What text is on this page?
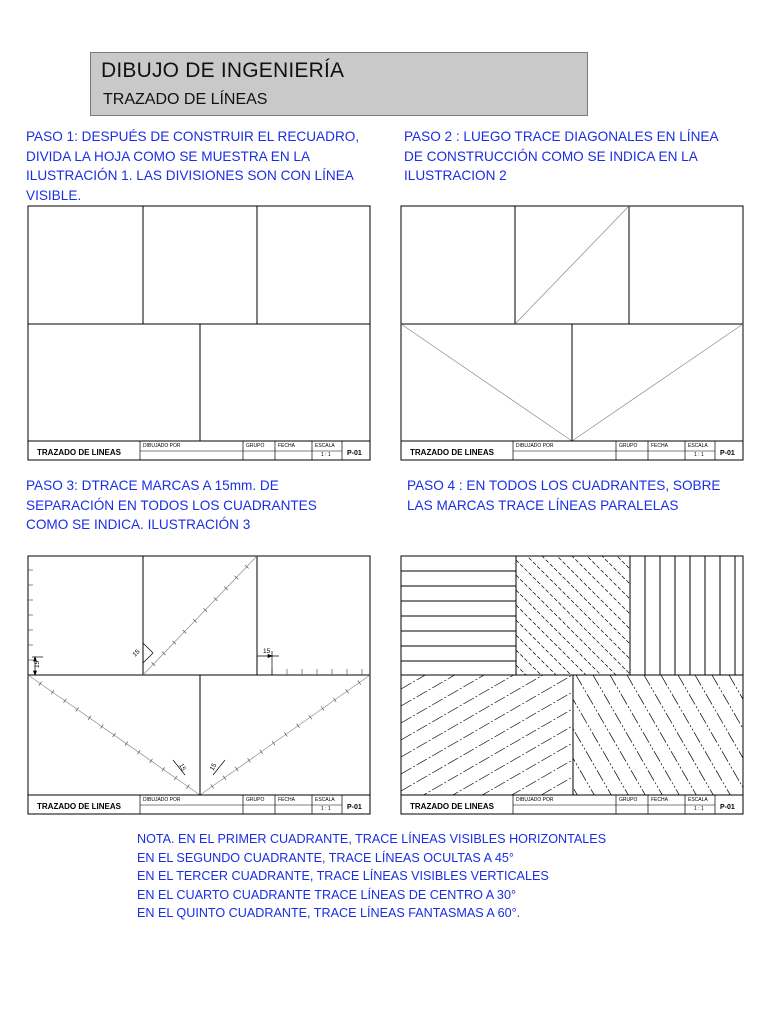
DIBUJO DE INGENIERÍA
TRAZADO DE LÍNEAS
PASO 1: DESPUÉS DE CONSTRUIR EL RECUADRO,
DIVIDA LA HOJA COMO SE MUESTRA EN LA
ILUSTRACIÓN 1. LAS DIVISIONES SON CON LÍNEA
VISIBLE.
PASO 2 : LUEGO TRACE DIAGONALES EN LÍNEA
DE CONSTRUCCIÓN COMO SE INDICA EN LA
ILUSTRACION 2
PASO 3: DTRACE MARCAS A 15mm. DE
SEPARACIÓN EN TODOS LOS CUADRANTES
COMO SE INDICA. ILUSTRACIÓN 3
PASO 4 : EN TODOS LOS CUADRANTES, SOBRE
LAS MARCAS TRACE LÍNEAS PARALELAS
TRAZADO DE LINEAS
DIBUJADO POR	GRUPO	FECHA	ESCALA
1 : 1 P-01	TRAZADO DE LINEAS
DIBUJADO POR	GRUPO	FECHA	ESCALA
1 : 1 P-01
15
15	15
15	15
TRAZADO DE LINEAS
DIBUJADO POR	GRUPO	FECHA	ESCALA
1 : 1 P-01	TRAZADO DE LINEAS
DIBUJADO POR	GRUPO	FECHA	ESCALA
1 : 1 P-01
NOTA. EN EL PRIMER CUADRANTE, TRACE LÍNEAS VISIBLES HORIZONTALES
EN EL SEGUNDO CUADRANTE, TRACE LÍNEAS OCULTAS A 45°
EN EL TERCER CUADRANTE, TRACE LÍNEAS VISIBLES VERTICALES
EN EL CUARTO CUADRANTE TRACE LÍNEAS DE CENTRO A 30°
EN EL QUINTO CUADRANTE, TRACE LÍNEAS FANTASMAS A 60°.
